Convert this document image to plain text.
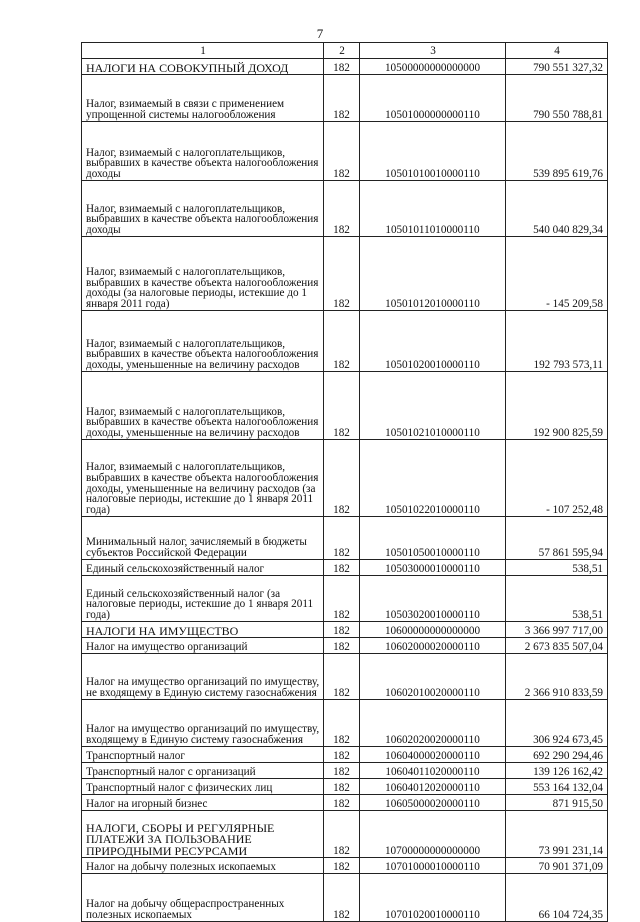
7
1	2	3	4
НАЛОГИ НА СОВОКУПНЫЙ ДОХОД	182	10500000000000000	790 551 327,32
Налог, взимаемый в связи с применением упрощенной системы налогообложения	182	10501000000000110	790 550 788,81
Налог, взимаемый с налогоплательщиков, выбравших в качестве объекта налогообложения доходы	182	10501010010000110	539 895 619,76
Налог, взимаемый с налогоплательщиков, выбравших в качестве объекта налогообложения доходы	182	10501011010000110	540 040 829,34
Налог, взимаемый с налогоплательщиков, выбравших в качестве объекта налогообложения доходы (за налоговые периоды, истекшие до 1 января 2011 года)	182	10501012010000110	- 145 209,58
Налог, взимаемый с налогоплательщиков, выбравших в качестве объекта налогообложения доходы, уменьшенные на величину расходов	182	10501020010000110	192 793 573,11
Налог, взимаемый с налогоплательщиков, выбравших в качестве объекта налогообложения доходы, уменьшенные на величину расходов	182	10501021010000110	192 900 825,59
Налог, взимаемый с налогоплательщиков, выбравших в качестве объекта налогообложения доходы, уменьшенные на величину расходов (за налоговые периоды, истекшие до 1 января 2011 года)	182	10501022010000110	- 107 252,48
Минимальный налог, зачисляемый в бюджеты субъектов Российской Федерации	182	10501050010000110	57 861 595,94
Единый сельскохозяйственный налог	182	10503000010000110	538,51
Единый сельскохозяйственный налог (за налоговые периоды, истекшие до 1 января 2011 года)	182	10503020010000110	538,51
НАЛОГИ НА ИМУЩЕСТВО	182	10600000000000000	3 366 997 717,00
Налог на имущество организаций	182	10602000020000110	2 673 835 507,04
Налог на имущество организаций по имуществу, не входящему в Единую систему газоснабжения	182	10602010020000110	2 366 910 833,59
Налог на имущество организаций по имуществу, входящему в Единую систему газоснабжения	182	10602020020000110	306 924 673,45
Транспортный налог	182	10604000020000110	692 290 294,46
Транспортный налог с организаций	182	10604011020000110	139 126 162,42
Транспортный налог с физических лиц	182	10604012020000110	553 164 132,04
Налог на игорный бизнес	182	10605000020000110	871 915,50
НАЛОГИ, СБОРЫ И РЕГУЛЯРНЫЕ ПЛАТЕЖИ ЗА ПОЛЬЗОВАНИЕ ПРИРОДНЫМИ РЕСУРСАМИ	182	10700000000000000	73 991 231,14
Налог на добычу полезных ископаемых	182	10701000010000110	70 901 371,09
Налог на добычу общераспространенных полезных ископаемых	182	10701020010000110	66 104 724,35
